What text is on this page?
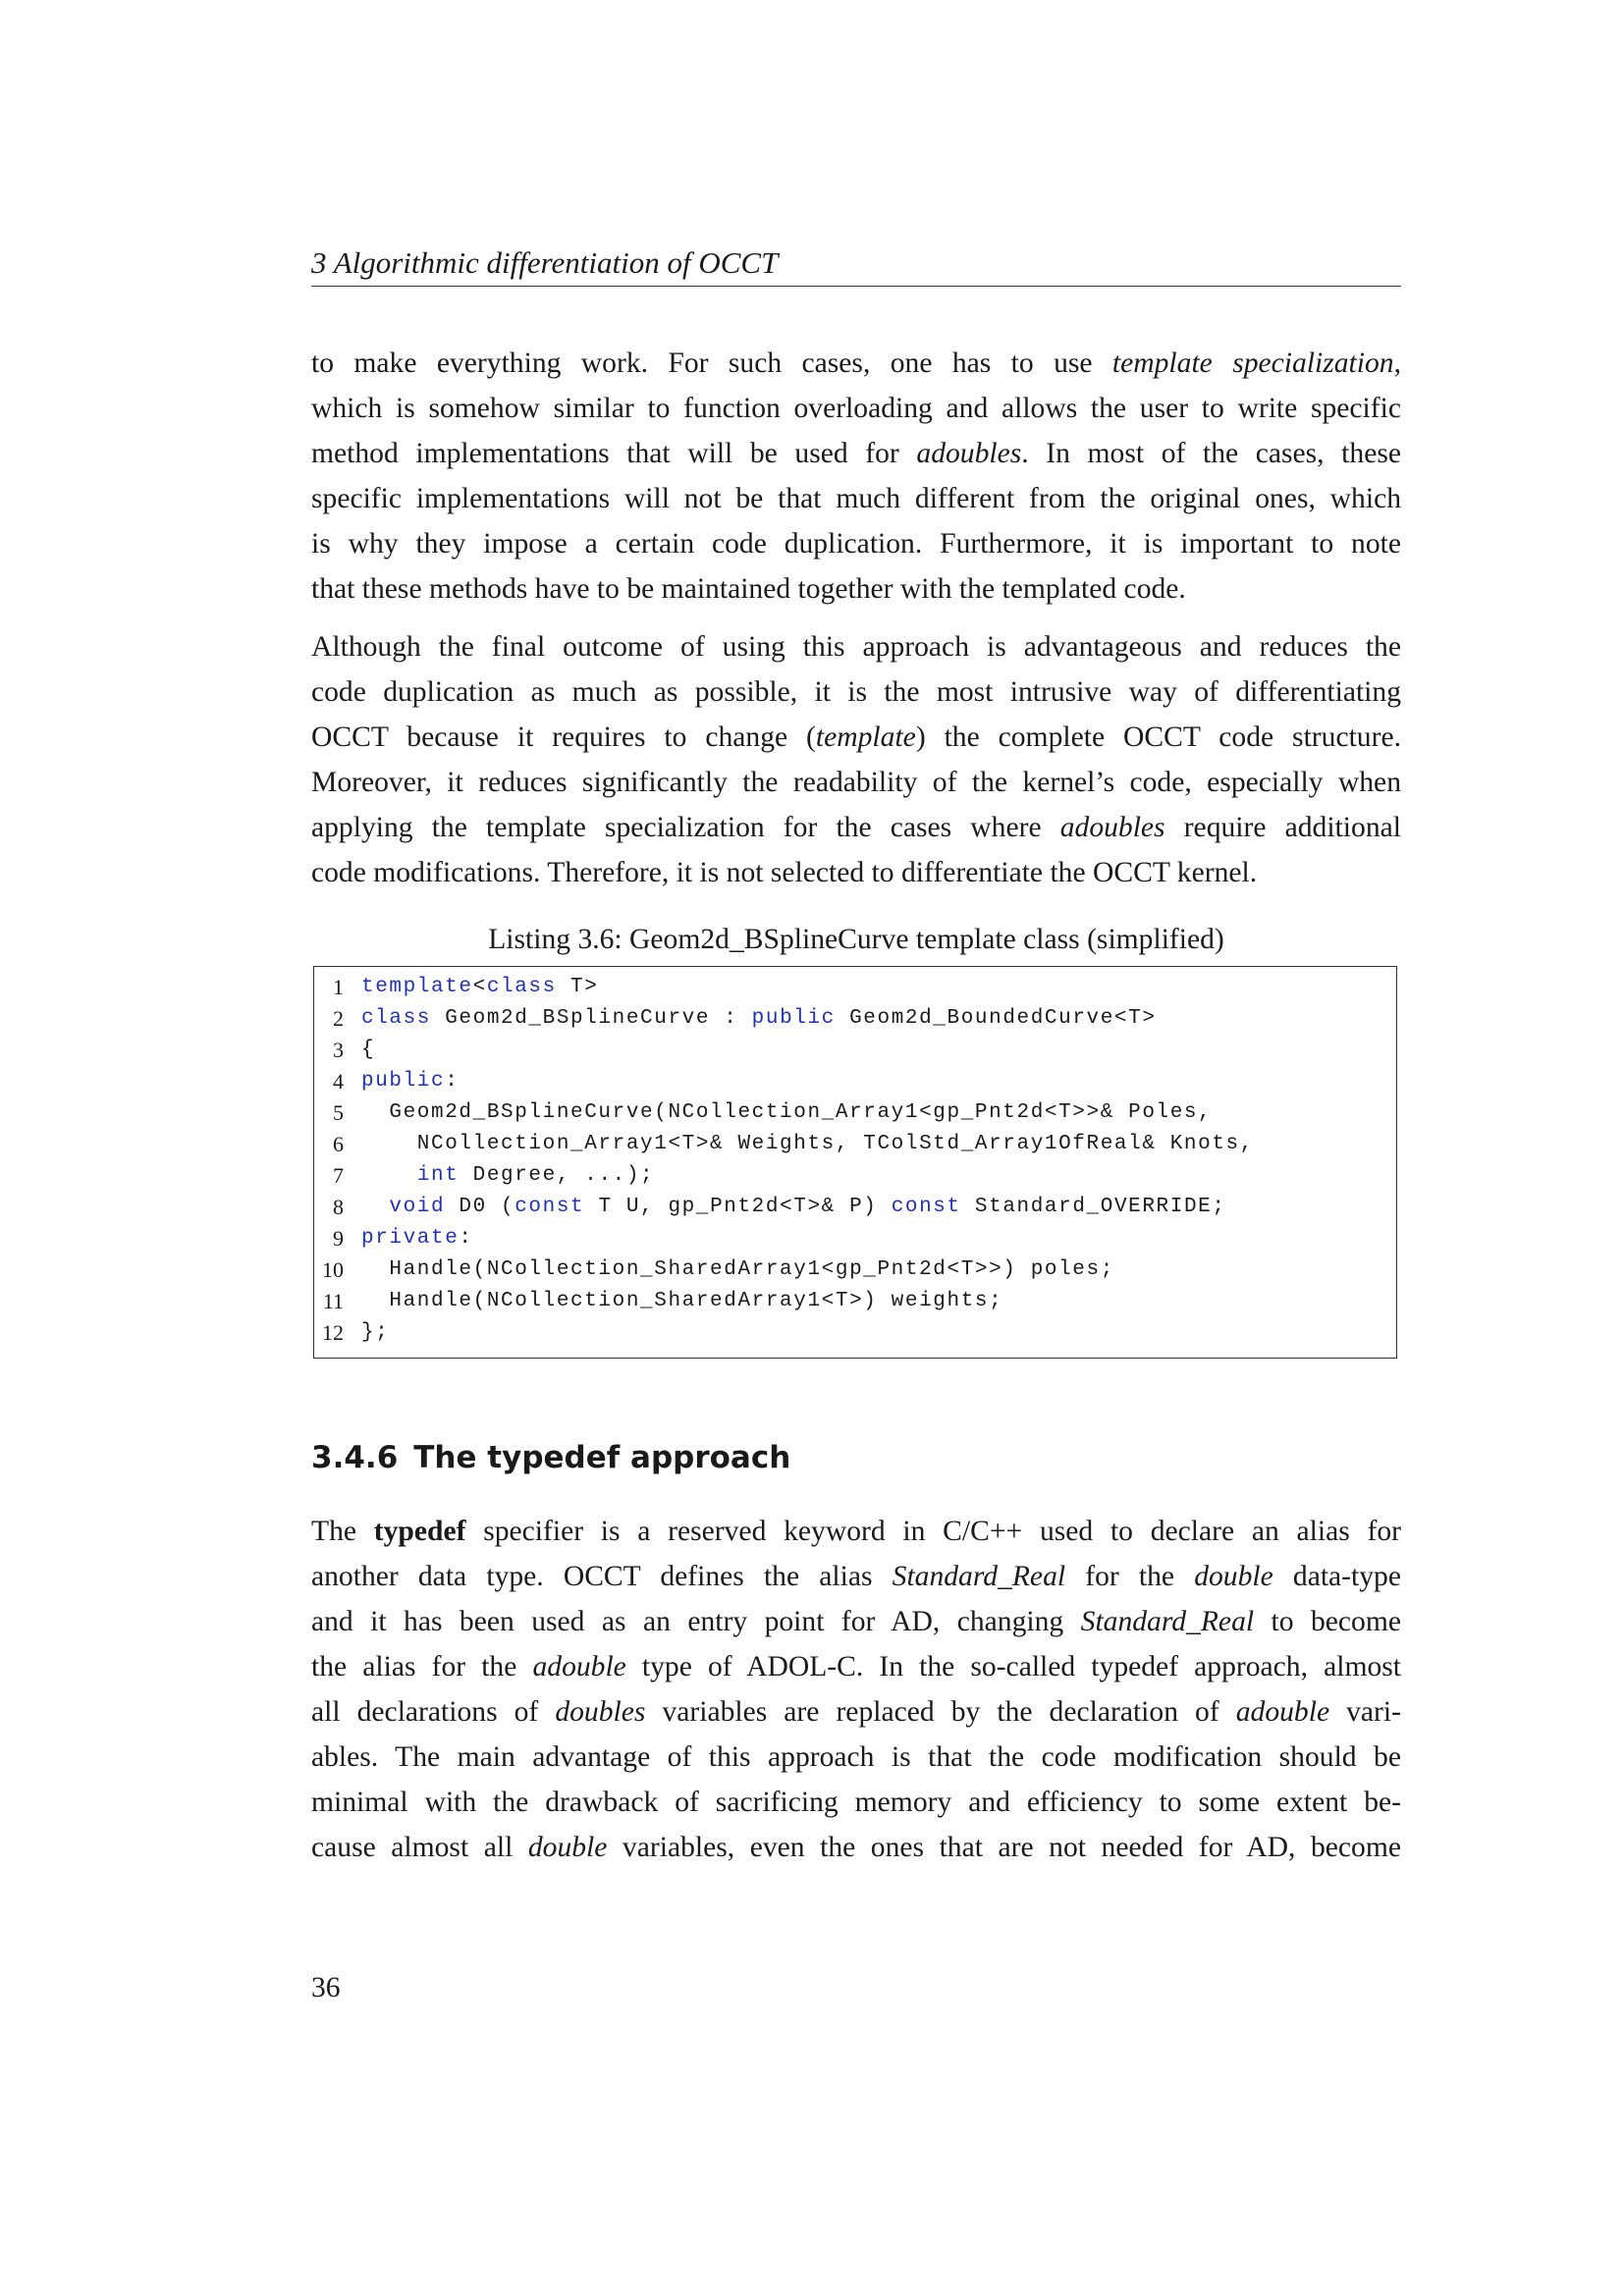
3 Algorithmic differentiation of OCCT
to make everything work. For such cases, one has to use template specialization,
which is somehow similar to function overloading and allows the user to write specific
method implementations that will be used for adoubles. In most of the cases, these
specific implementations will not be that much different from the original ones, which
is why they impose a certain code duplication. Furthermore, it is important to note
that these methods have to be maintained together with the templated code.
Although the final outcome of using this approach is advantageous and reduces the
code duplication as much as possible, it is the most intrusive way of differentiating
OCCT because it requires to change (template) the complete OCCT code structure.
Moreover, it reduces significantly the readability of the kernel’s code, especially when
applying the template specialization for the cases where adoubles require additional
code modifications. Therefore, it is not selected to differentiate the OCCT kernel.
Listing 3.6: Geom2d_BSplineCurve template class (simplified)
1 template<class T>
2 class Geom2d_BSplineCurve : public Geom2d_BoundedCurve<T>
3 {
4 public:
5 Geom2d_BSplineCurve(NCollection_Array1<gp_Pnt2d<T>>& Poles,
6 NCollection_Array1<T>& Weights, TColStd_Array1OfReal& Knots,
7	int Degree, ...);
8	void D0 (const T U, gp_Pnt2d<T>& P) const Standard_OVERRIDE;
9 private:
10 Handle(NCollection_SharedArray1<gp_Pnt2d<T>>) poles;
11 Handle(NCollection_SharedArray1<T>) weights;
12 };
3.4.6 The typedef approach
The typedef specifier is a reserved keyword in C/C++ used to declare an alias for
another data type. OCCT defines the alias Standard_Real for the double data-type
and it has been used as an entry point for AD, changing Standard_Real to become
the alias for the adouble type of ADOL-C. In the so-called typedef approach, almost
all declarations of doubles variables are replaced by the declaration of adouble vari-
ables. The main advantage of this approach is that the code modification should be
minimal with the drawback of sacrificing memory and efficiency to some extent be-
cause almost all double variables, even the ones that are not needed for AD, become
36
